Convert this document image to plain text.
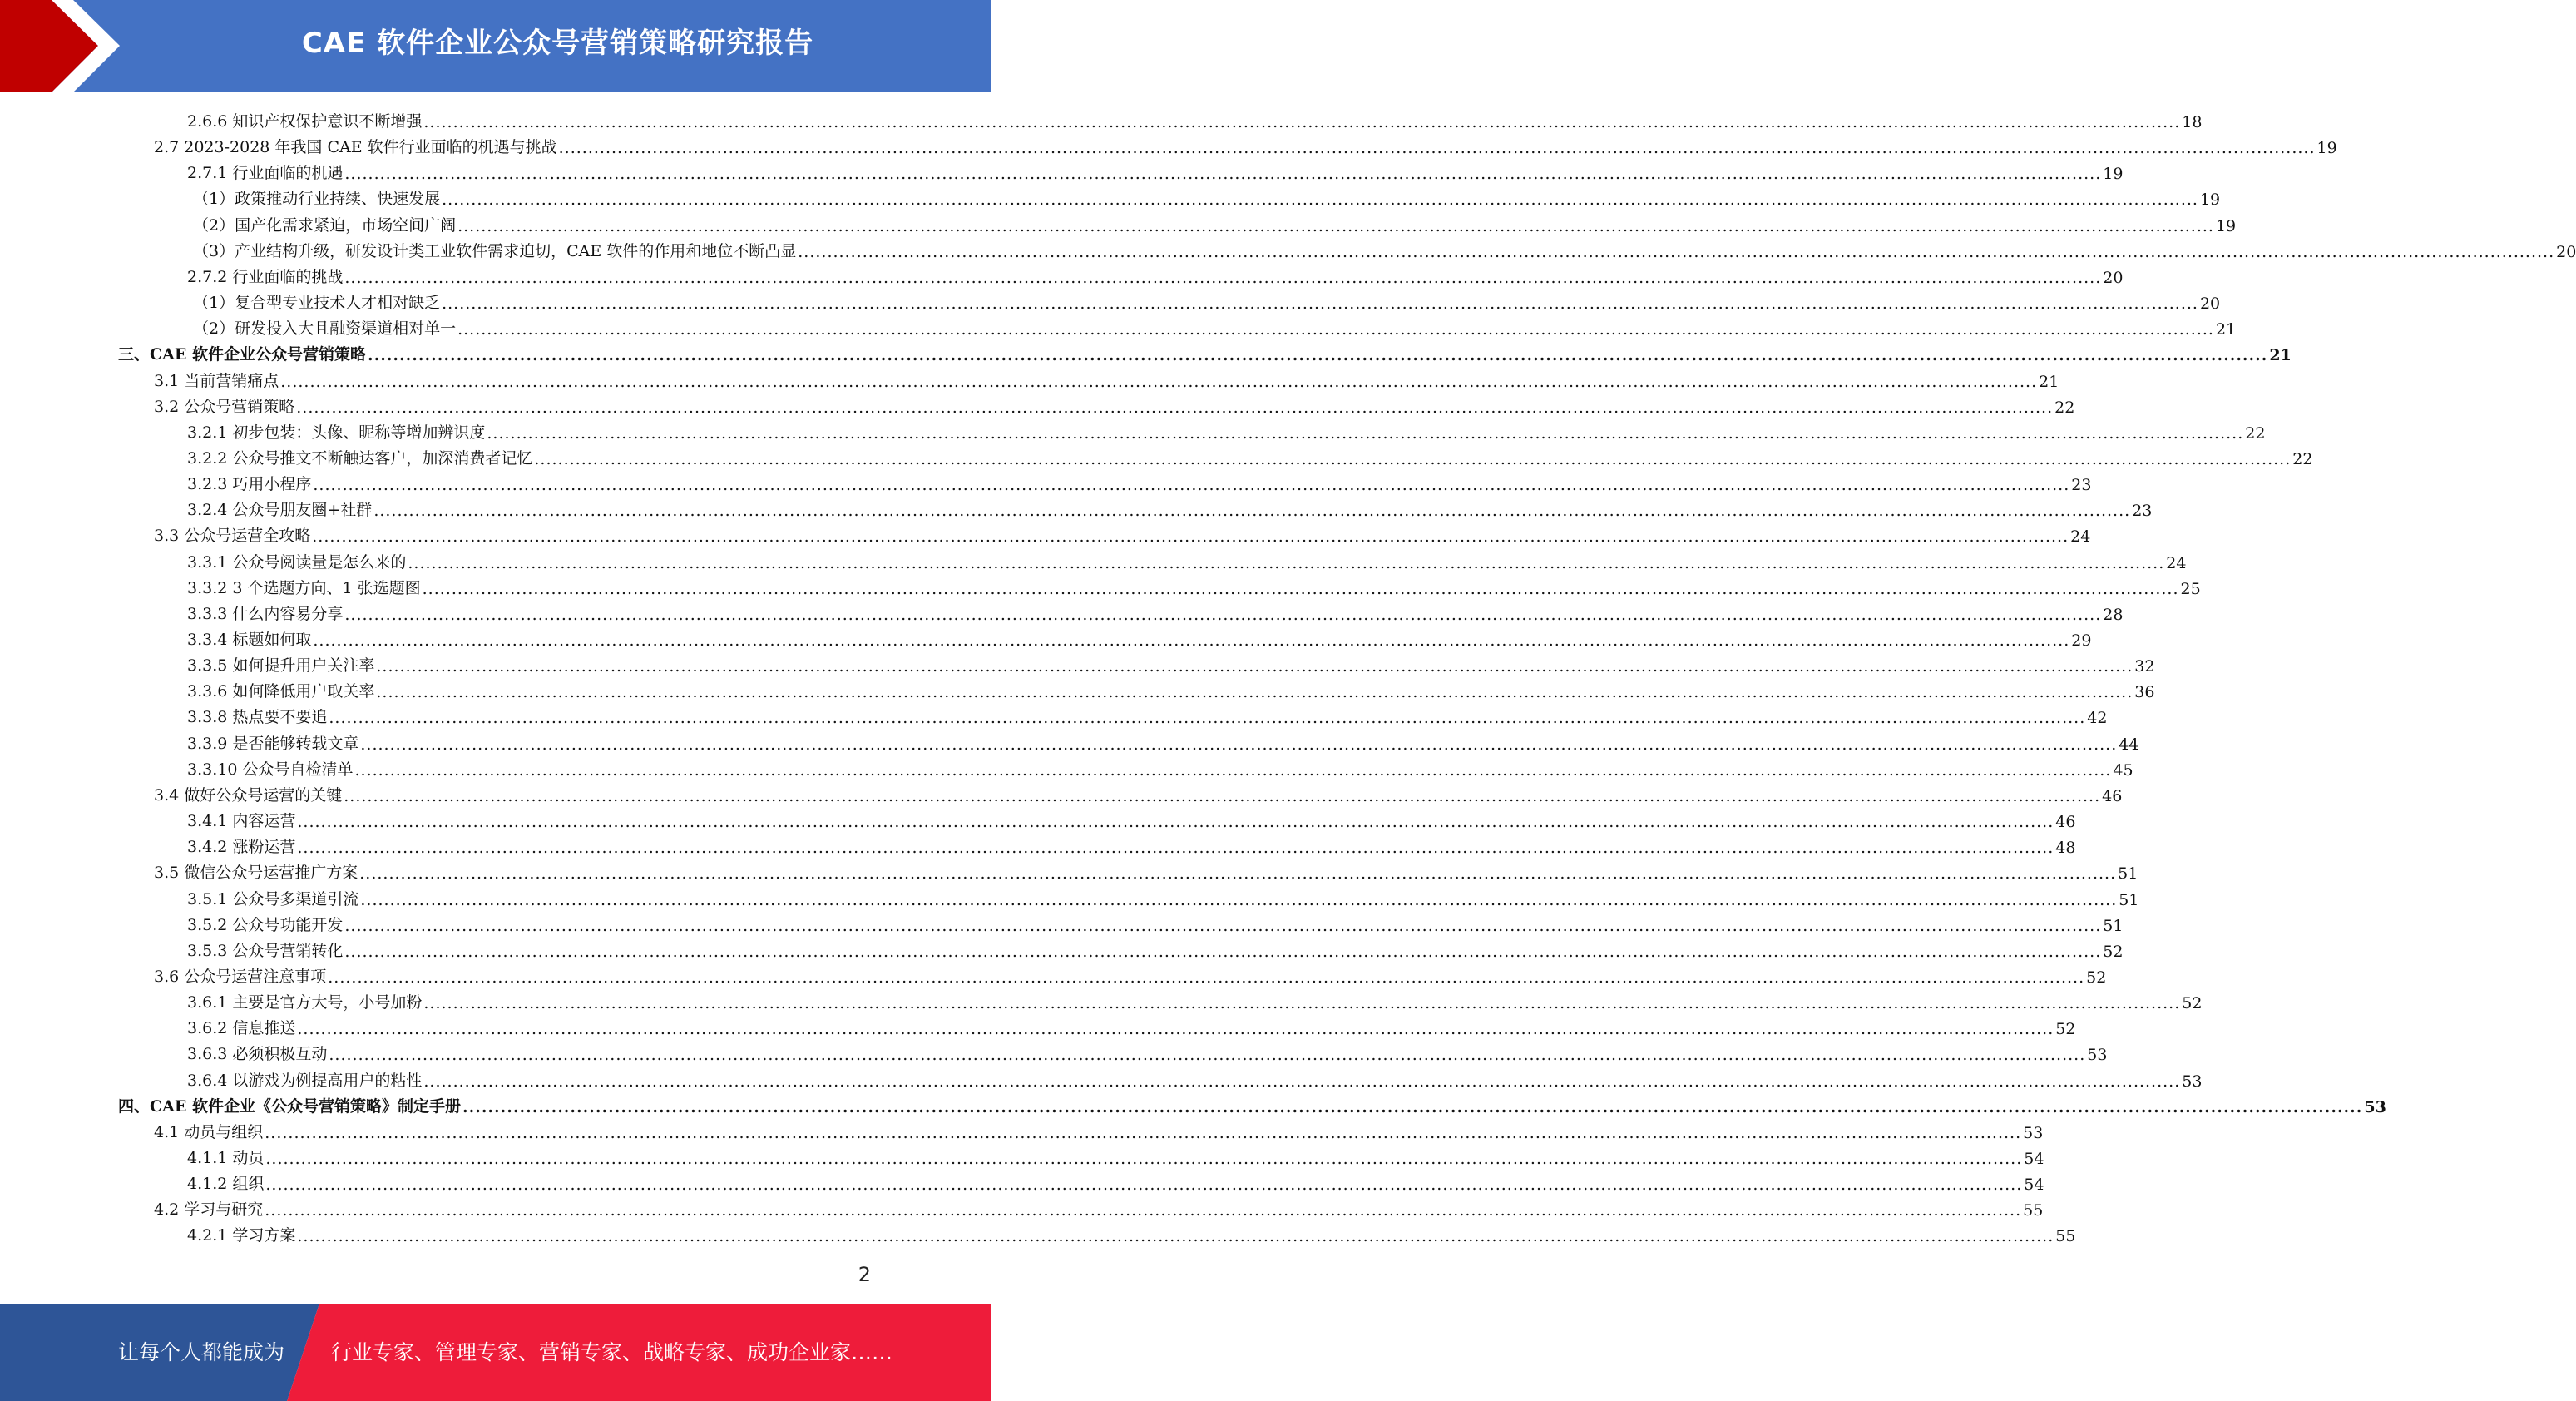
CAE 软件企业公众号营销策略研究报告
2.6.6 知识产权保护意识不断增强 ............................................................................................................................................................................................................................................................................................................ 18
2.7 2023-2028 年我国 CAE 软件行业面临的机遇与挑战 ............................................................................................................................................................................................................................................................................................................ 19
2.7.1 行业面临的机遇 ............................................................................................................................................................................................................................................................................................................ 19
（1）政策推动行业持续、快速发展 ............................................................................................................................................................................................................................................................................................................ 19
（2）国产化需求紧迫，市场空间广阔 ............................................................................................................................................................................................................................................................................................................ 19
（3）产业结构升级，研发设计类工业软件需求迫切，CAE 软件的作用和地位不断凸显 ............................................................................................................................................................................................................................................................................................................ 20
2.7.2 行业面临的挑战 ............................................................................................................................................................................................................................................................................................................ 20
（1）复合型专业技术人才相对缺乏 ............................................................................................................................................................................................................................................................................................................ 20
（2）研发投入大且融资渠道相对单一 ............................................................................................................................................................................................................................................................................................................ 21
三、CAE 软件企业公众号营销策略 ............................................................................................................................................................................................................................................................................................................ 21
3.1 当前营销痛点 ............................................................................................................................................................................................................................................................................................................ 21
3.2 公众号营销策略 ............................................................................................................................................................................................................................................................................................................ 22
3.2.1 初步包装：头像、昵称等增加辨识度 ............................................................................................................................................................................................................................................................................................................ 22
3.2.2 公众号推文不断触达客户，加深消费者记忆 ............................................................................................................................................................................................................................................................................................................ 22
3.2.3 巧用小程序 ............................................................................................................................................................................................................................................................................................................ 23
3.2.4 公众号朋友圈+社群 ............................................................................................................................................................................................................................................................................................................ 23
3.3 公众号运营全攻略 ............................................................................................................................................................................................................................................................................................................ 24
3.3.1 公众号阅读量是怎么来的 ............................................................................................................................................................................................................................................................................................................ 24
3.3.2 3 个选题方向、1 张选题图 ............................................................................................................................................................................................................................................................................................................ 25
3.3.3 什么内容易分享 ............................................................................................................................................................................................................................................................................................................ 28
3.3.4 标题如何取 ............................................................................................................................................................................................................................................................................................................ 29
3.3.5 如何提升用户关注率 ............................................................................................................................................................................................................................................................................................................ 32
3.3.6 如何降低用户取关率 ............................................................................................................................................................................................................................................................................................................ 36
3.3.8 热点要不要追 ............................................................................................................................................................................................................................................................................................................ 42
3.3.9 是否能够转载文章 ............................................................................................................................................................................................................................................................................................................ 44
3.3.10 公众号自检清单 ............................................................................................................................................................................................................................................................................................................ 45
3.4 做好公众号运营的关键 ............................................................................................................................................................................................................................................................................................................ 46
3.4.1 内容运营 ............................................................................................................................................................................................................................................................................................................ 46
3.4.2 涨粉运营 ............................................................................................................................................................................................................................................................................................................ 48
3.5 微信公众号运营推广方案 ............................................................................................................................................................................................................................................................................................................ 51
3.5.1 公众号多渠道引流 ............................................................................................................................................................................................................................................................................................................ 51
3.5.2 公众号功能开发 ............................................................................................................................................................................................................................................................................................................ 51
3.5.3 公众号营销转化 ............................................................................................................................................................................................................................................................................................................ 52
3.6 公众号运营注意事项 ............................................................................................................................................................................................................................................................................................................ 52
3.6.1 主要是官方大号，小号加粉 ............................................................................................................................................................................................................................................................................................................ 52
3.6.2 信息推送 ............................................................................................................................................................................................................................................................................................................ 52
3.6.3 必须积极互动 ............................................................................................................................................................................................................................................................................................................ 53
3.6.4 以游戏为例提高用户的粘性 ............................................................................................................................................................................................................................................................................................................ 53
四、CAE 软件企业《公众号营销策略》制定手册 ............................................................................................................................................................................................................................................................................................................ 53
4.1 动员与组织 ............................................................................................................................................................................................................................................................................................................ 53
4.1.1 动员 ............................................................................................................................................................................................................................................................................................................ 54
4.1.2 组织 ............................................................................................................................................................................................................................................................................................................ 54
4.2 学习与研究 ............................................................................................................................................................................................................................................................................................................ 55
4.2.1 学习方案 ............................................................................................................................................................................................................................................................................................................ 55
2
让每个人都能成为 行业专家、管理专家、营销专家、战略专家、成功企业家……
